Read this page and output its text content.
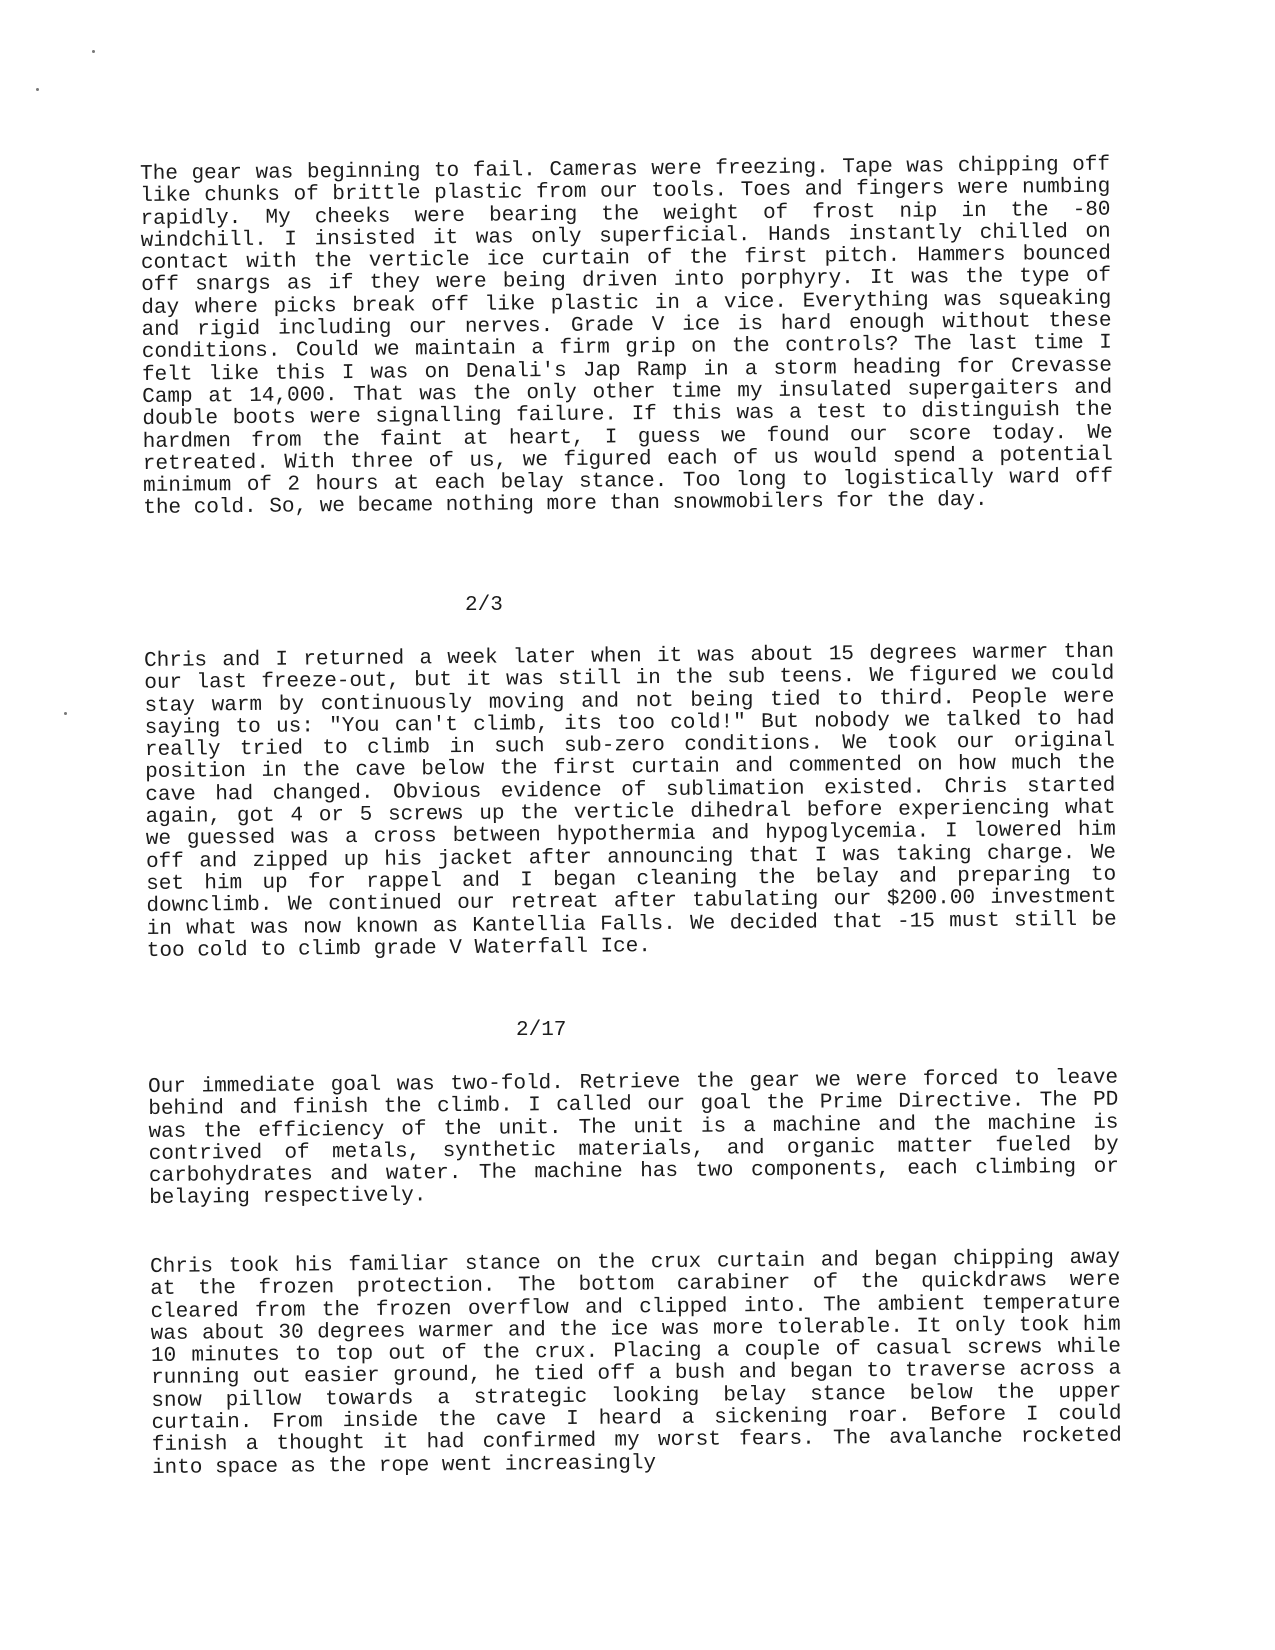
The gear was beginning to fail. Cameras were freezing. Tape was chipping off like chunks of brittle plastic from our tools. Toes and fingers were numbing rapidly. My cheeks were bearing the weight of frost nip in the -80 windchill. I insisted it was only superficial. Hands instantly chilled on contact with the verticle ice curtain of the first pitch. Hammers bounced off snargs as if they were being driven into porphyry. It was the type of day where picks break off like plastic in a vice. Everything was squeaking and rigid including our nerves. Grade V ice is hard enough without these conditions. Could we maintain a firm grip on the controls? The last time I felt like this I was on Denali's Jap Ramp in a storm heading for Crevasse Camp at 14,000. That was the only other time my insulated supergaiters and double boots were signalling failure. If this was a test to distinguish the hardmen from the faint at heart, I guess we found our score today. We retreated. With three of us, we figured each of us would spend a potential minimum of 2 hours at each belay stance. Too long to logistically ward off the cold. So, we became nothing more than snowmobilers for the day.

2/3

Chris and I returned a week later when it was about 15 degrees warmer than our last freeze-out, but it was still in the sub teens. We figured we could stay warm by continuously moving and not being tied to third. People were saying to us: "You can't climb, its too cold!" But nobody we talked to had really tried to climb in such sub-zero conditions. We took our original position in the cave below the first curtain and commented on how much the cave had changed. Obvious evidence of sublimation existed. Chris started again, got 4 or 5 screws up the verticle dihedral before experiencing what we guessed was a cross between hypothermia and hypoglycemia. I lowered him off and zipped up his jacket after announcing that I was taking charge. We set him up for rappel and I began cleaning the belay and preparing to downclimb. We continued our retreat after tabulating our $200.00 investment in what was now known as Kantellia Falls. We decided that -15 must still be too cold to climb grade V Waterfall Ice.

2/17

Our immediate goal was two-fold. Retrieve the gear we were forced to leave behind and finish the climb. I called our goal the Prime Directive. The PD was the efficiency of the unit. The unit is a machine and the machine is contrived of metals, synthetic materials, and organic matter fueled by carbohydrates and water. The machine has two components, each climbing or belaying respectively.

Chris took his familiar stance on the crux curtain and began chipping away at the frozen protection. The bottom carabiner of the quickdraws were cleared from the frozen overflow and clipped into. The ambient temperature was about 30 degrees warmer and the ice was more tolerable. It only took him 10 minutes to top out of the crux. Placing a couple of casual screws while running out easier ground, he tied off a bush and began to traverse across a snow pillow towards a strategic looking belay stance below the upper curtain. From inside the cave I heard a sickening roar. Before I could finish a thought it had confirmed my worst fears. The avalanche rocketed into space as the rope went increasingly
